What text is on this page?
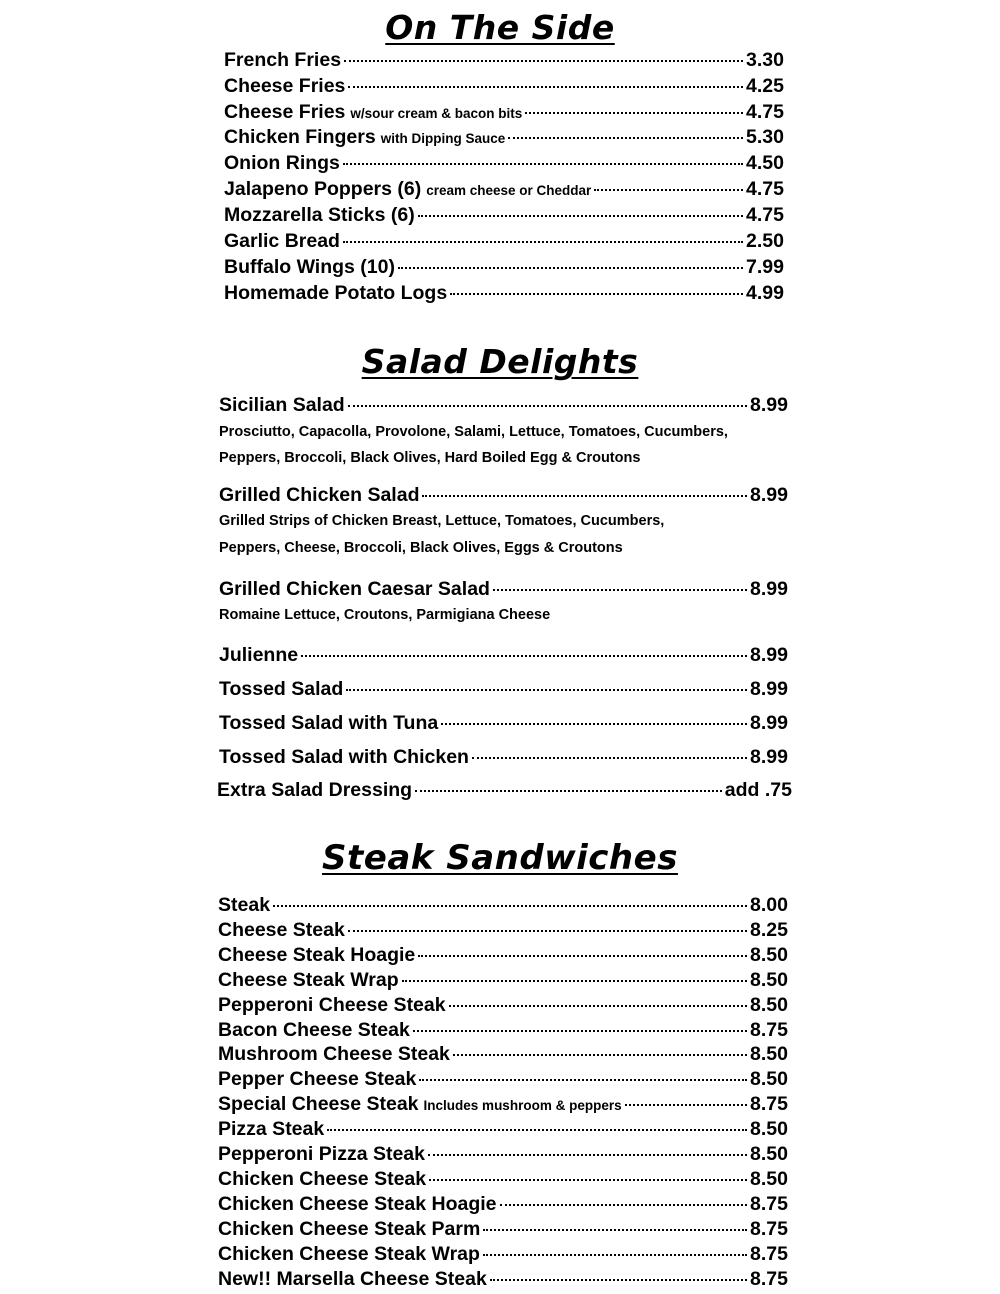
On The Side
French Fries	3.30
Cheese Fries	4.25
Cheese Fries w/sour cream & bacon bits	4.75
Chicken Fingers with Dipping Sauce	5.30
Onion Rings	4.50
Jalapeno Poppers (6) cream cheese or Cheddar	4.75
Mozzarella Sticks (6)	4.75
Garlic Bread	2.50
Buffalo Wings (10)	7.99
Homemade Potato Logs	4.99
Salad Delights
Sicilian Salad	8.99
Prosciutto, Capacolla, Provolone, Salami, Lettuce, Tomatoes, Cucumbers,
Peppers, Broccoli, Black Olives, Hard Boiled Egg & Croutons
Grilled Chicken Salad	8.99
Grilled Strips of Chicken Breast, Lettuce, Tomatoes, Cucumbers,
Peppers, Cheese, Broccoli, Black Olives, Eggs & Croutons
Grilled Chicken Caesar Salad	8.99
Romaine Lettuce, Croutons, Parmigiana Cheese
Julienne	8.99
Tossed Salad	8.99
Tossed Salad with Tuna	8.99
Tossed Salad with Chicken	8.99
Extra Salad Dressing	add .75
Steak Sandwiches
Steak	8.00
Cheese Steak	8.25
Cheese Steak Hoagie	8.50
Cheese Steak Wrap	8.50
Pepperoni Cheese Steak	8.50
Bacon Cheese Steak	8.75
Mushroom Cheese Steak	8.50
Pepper Cheese Steak	8.50
Special Cheese Steak Includes mushroom & peppers	8.75
Pizza Steak	8.50
Pepperoni Pizza Steak	8.50
Chicken Cheese Steak	8.50
Chicken Cheese Steak Hoagie	8.75
Chicken Cheese Steak Parm	8.75
Chicken Cheese Steak Wrap	8.75
New!! Marsella Cheese Steak	8.75
